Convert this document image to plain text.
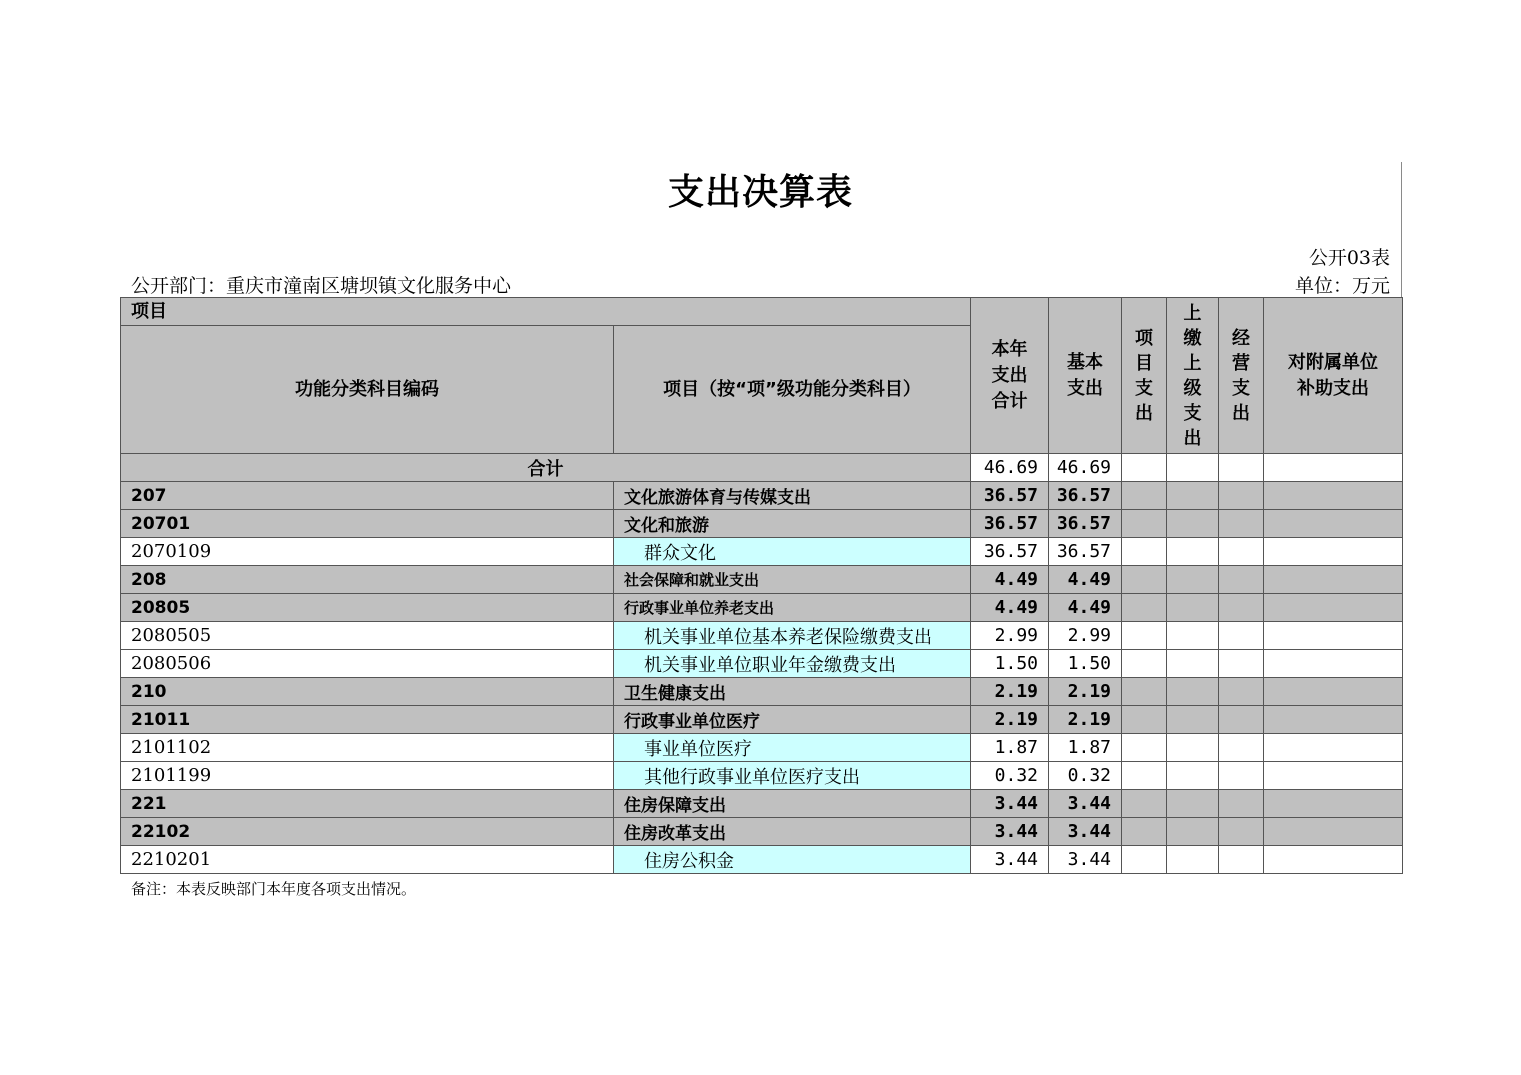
支出决算表
公开03表
公开部门：重庆市潼南区塘坝镇文化服务中心	单位：万元
项目		本年支出合计	基本支出	项目支出	上缴上级支出	经营支出	对附属单位补助支出

功能分类科目编码	项目（按“项”级功能分类科目）						
合计		46.69	46.69				
207	文化旅游体育与传媒支出	36.57	36.57				
20701	文化和旅游	36.57	36.57				
2070109	群众文化	36.57	36.57				
208	社会保障和就业支出	4.49	4.49				
20805	行政事业单位养老支出	4.49	4.49				
2080505	机关事业单位基本养老保险缴费支出	2.99	2.99				
2080506	机关事业单位职业年金缴费支出	1.50	1.50				
210	卫生健康支出	2.19	2.19				
21011	行政事业单位医疗	2.19	2.19				
2101102	事业单位医疗	1.87	1.87				
2101199	其他行政事业单位医疗支出	0.32	0.32				
221	住房保障支出	3.44	3.44				
22102	住房改革支出	3.44	3.44				
2210201	住房公积金	3.44	3.44				
备注：本表反映部门本年度各项支出情况。
